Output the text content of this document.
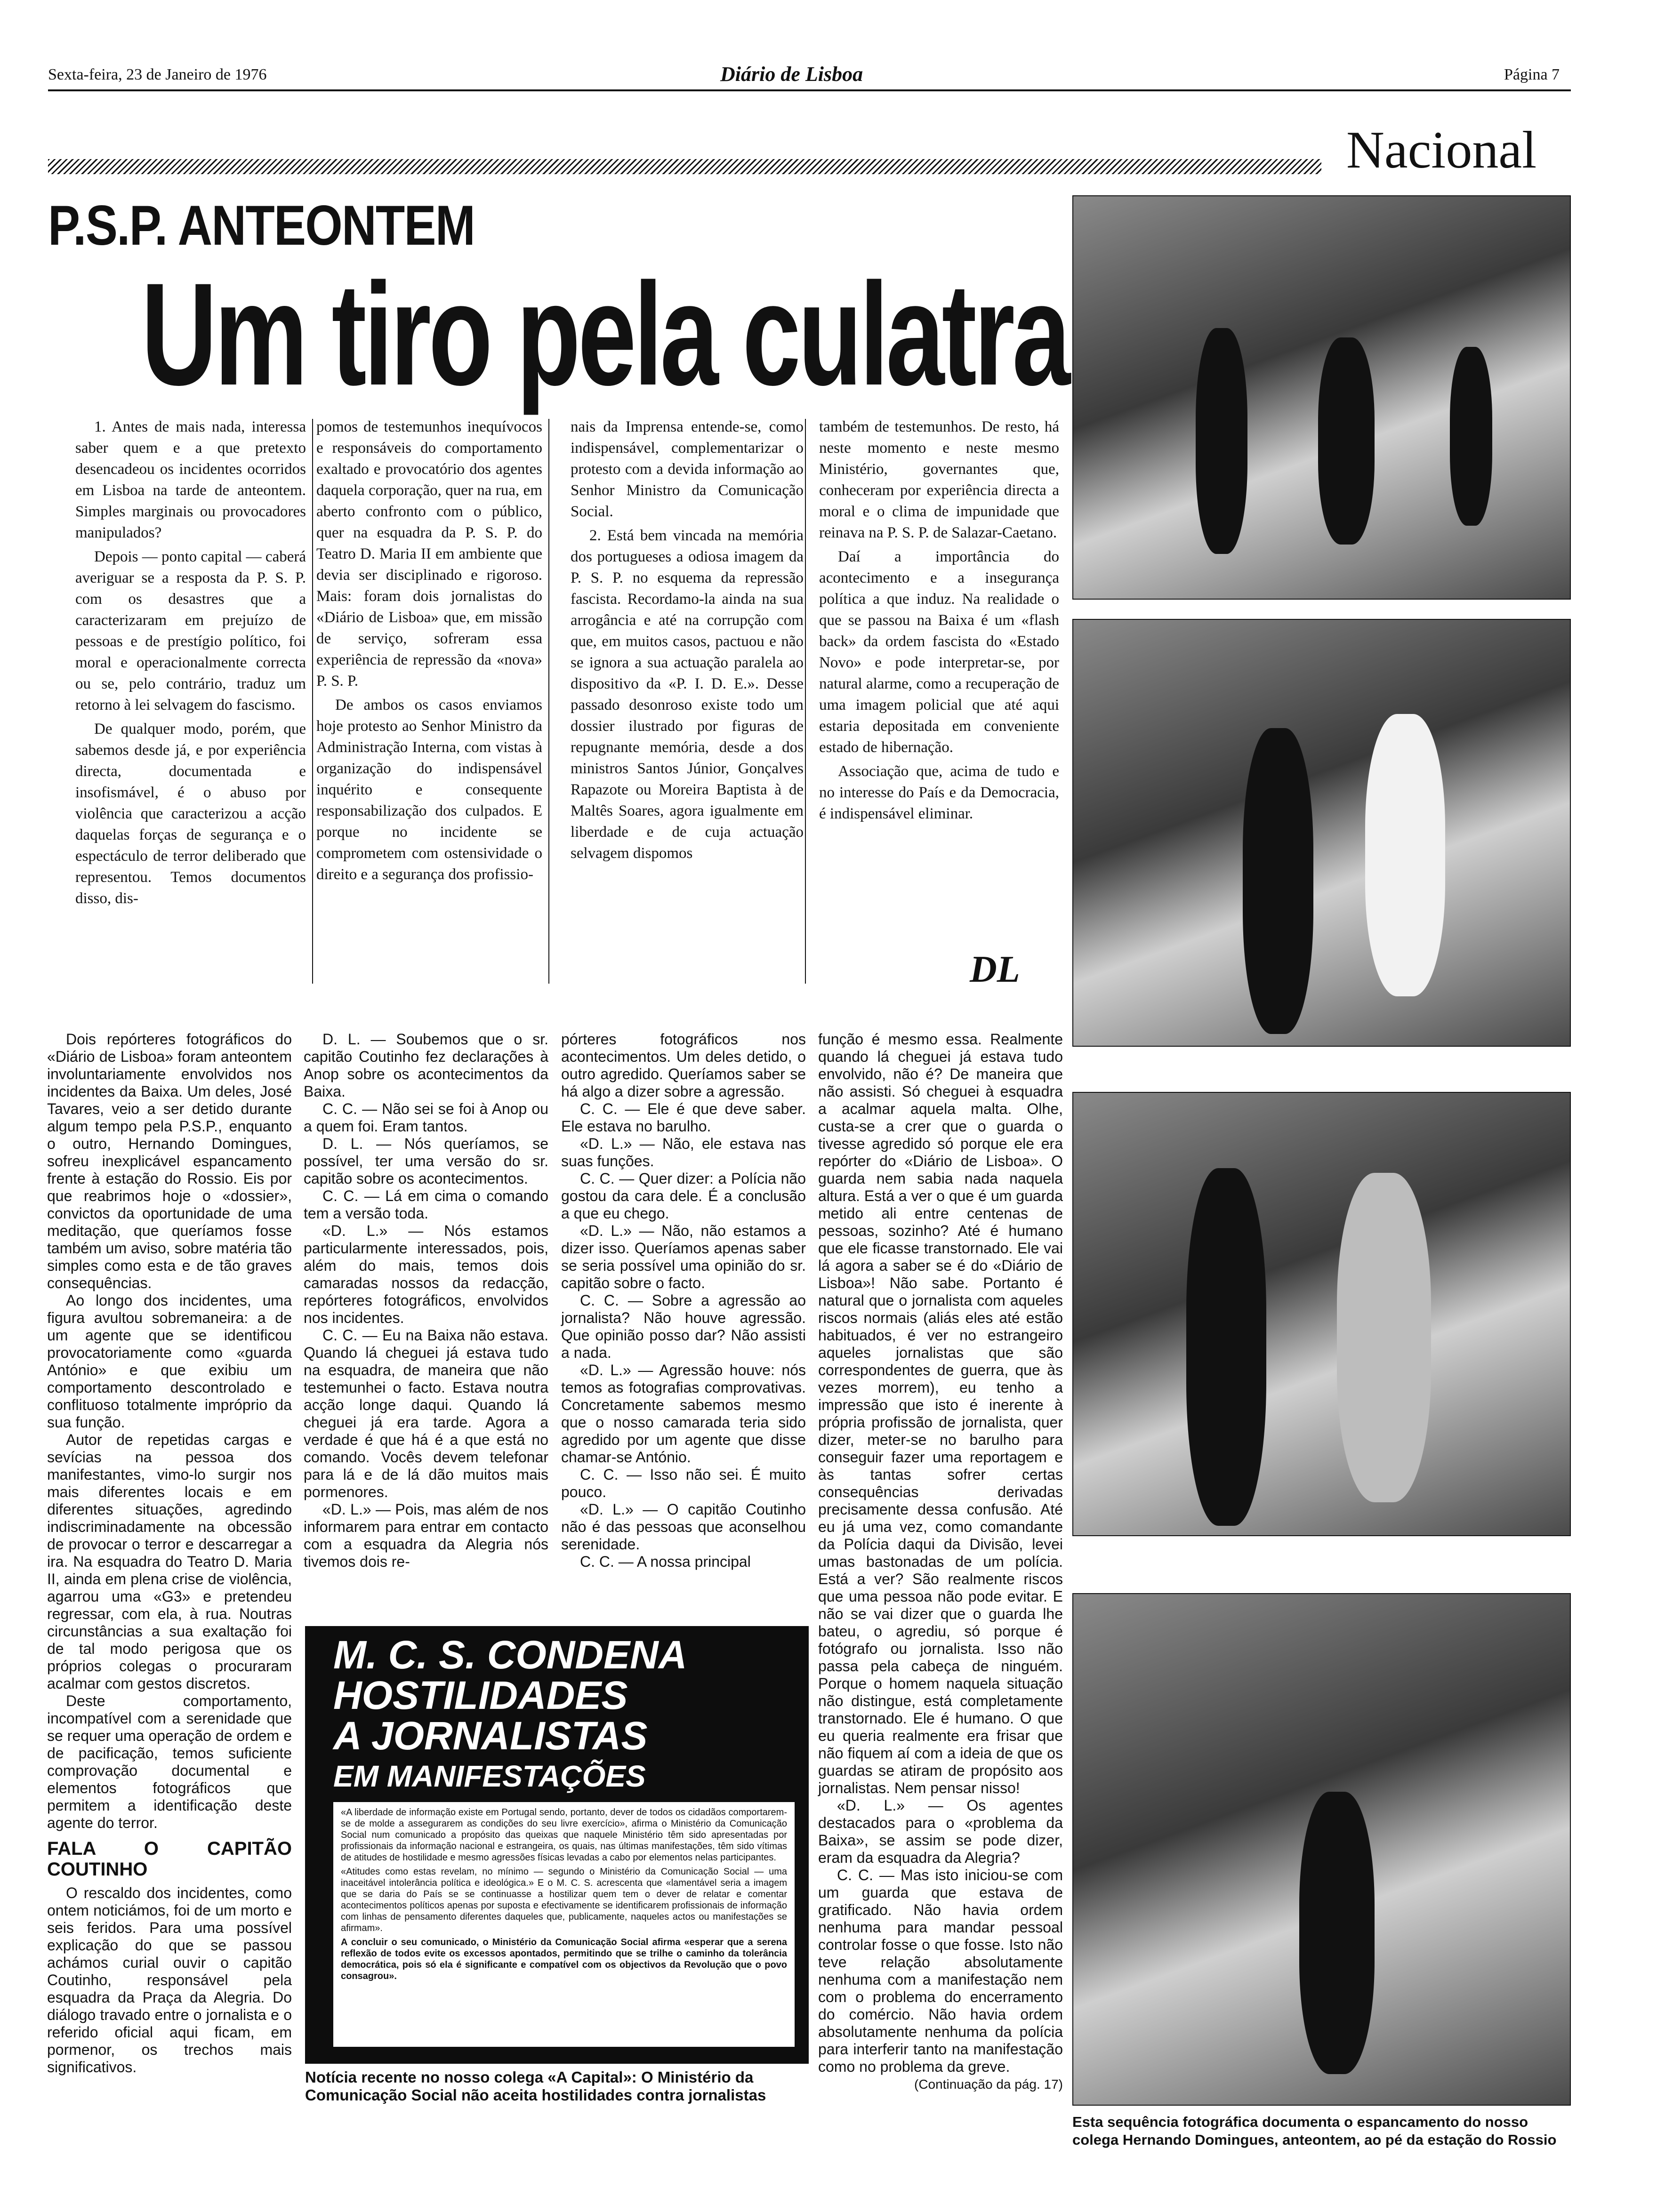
Sexta-feira, 23 de Janeiro de 1976	Diário de Lisboa	Página 7
Nacional
P.S.P. ANTEONTEM
Um tiro pela culatra

1. Antes de mais nada, interessa saber quem e a que pretexto desencadeou os incidentes ocorridos em Lisboa na tarde de anteontem. Simples marginais ou provocadores manipulados?

Depois — ponto capital — caberá averiguar se a resposta da P. S. P. com os desastres que a caracterizaram em prejuízo de pessoas e de prestígio político, foi moral e operacionalmente correcta ou se, pelo contrário, traduz um retorno à lei selvagem do fascismo.

De qualquer modo, porém, que sabemos desde já, e por experiência directa, documentada e insofismável, é o abuso por violência que caracterizou a acção daquelas forças de segurança e o espectáculo de terror deliberado que representou. Temos documentos disso, dis-

pomos de testemunhos inequívocos e responsáveis do comportamento exaltado e provocatório dos agentes daquela corporação, quer na rua, em aberto confronto com o público, quer na esquadra da P. S. P. do Teatro D. Maria II em ambiente que devia ser disciplinado e rigoroso. Mais: foram dois jornalistas do «Diário de Lisboa» que, em missão de serviço, sofreram essa experiência de repressão da «nova» P. S. P.

De ambos os casos enviamos hoje protesto ao Senhor Ministro da Administração Interna, com vistas à organização do indispensável inquérito e consequente responsabilização dos culpados. E porque no incidente se comprometem com ostensividade o direito e a segurança dos profissio-

nais da Imprensa entende-se, como indispensável, complementarizar o protesto com a devida informação ao Senhor Ministro da Comunicação Social.

2. Está bem vincada na memória dos portugueses a odiosa imagem da P. S. P. no esquema da repressão fascista. Recordamo-la ainda na sua arrogância e até na corrupção com que, em muitos casos, pactuou e não se ignora a sua actuação paralela ao dispositivo da «P. I. D. E.». Desse passado desonroso existe todo um dossier ilustrado por figuras de repugnante memória, desde a dos ministros Santos Júnior, Gonçalves Rapazote ou Moreira Baptista à de Maltês Soares, agora igualmente em liberdade e de cuja actuação selvagem dispomos

também de testemunhos. De resto, há neste momento e neste mesmo Ministério, governantes que, conheceram por experiência directa a moral e o clima de impunidade que reinava na P. S. P. de Salazar-Caetano.

Daí a importância do acontecimento e a insegurança política a que induz. Na realidade o que se passou na Baixa é um «flash back» da ordem fascista do «Estado Novo» e pode interpretar-se, por natural alarme, como a recuperação de uma imagem policial que até aqui estaria depositada em conveniente estado de hibernação.

Associação que, acima de tudo e no interesse do País e da Democracia, é indispensável eliminar.

DL

Dois repórteres fotográficos do «Diário de Lisboa» foram anteontem involuntariamente envolvidos nos incidentes da Baixa. Um deles, José Tavares, veio a ser detido durante algum tempo pela P.S.P., enquanto o outro, Hernando Domingues, sofreu inexplicável espancamento frente à estação do Rossio. Eis por que reabrimos hoje o «dossier», convictos da oportunidade de uma meditação, que queríamos fosse também um aviso, sobre matéria tão simples como esta e de tão graves consequências.

Ao longo dos incidentes, uma figura avultou sobremaneira: a de um agente que se identificou provocatoriamente como «guarda António» e que exibiu um comportamento descontrolado e conflituoso totalmente impróprio da sua função.

Autor de repetidas cargas e sevícias na pessoa dos manifestantes, vimo-lo surgir nos mais diferentes locais e em diferentes situações, agredindo indiscriminadamente na obcessão de provocar o terror e descarregar a ira. Na esquadra do Teatro D. Maria II, ainda em plena crise de violência, agarrou uma «G3» e pretendeu regressar, com ela, à rua. Noutras circunstâncias a sua exaltação foi de tal modo perigosa que os próprios colegas o procuraram acalmar com gestos discretos.

Deste comportamento, incompatível com a serenidade que se requer uma operação de ordem e de pacificação, temos suficiente comprovação documental e elementos fotográficos que permitem a identificação deste agente do terror.

FALA O CAPITÃO COUTINHO

O rescaldo dos incidentes, como ontem noticiámos, foi de um morto e seis feridos. Para uma possível explicação do que se passou achámos curial ouvir o capitão Coutinho, responsável pela esquadra da Praça da Alegria. Do diálogo travado entre o jornalista e o referido oficial aqui ficam, em pormenor, os trechos mais significativos.

D. L. — Soubemos que o sr. capitão Coutinho fez declarações à Anop sobre os acontecimentos da Baixa.

C. C. — Não sei se foi à Anop ou a quem foi. Eram tantos.

D. L. — Nós queríamos, se possível, ter uma versão do sr. capitão sobre os acontecimentos.

C. C. — Lá em cima o comando tem a versão toda.

«D. L.» — Nós estamos particularmente interessados, pois, além do mais, temos dois camaradas nossos da redacção, repórteres fotográficos, envolvidos nos incidentes.

C. C. — Eu na Baixa não estava. Quando lá cheguei já estava tudo na esquadra, de maneira que não testemunhei o facto. Estava noutra acção longe daqui. Quando lá cheguei já era tarde. Agora a verdade é que há é a que está no comando. Vocês devem telefonar para lá e de lá dão muitos mais pormenores.

«D. L.» — Pois, mas além de nos informarem para entrar em contacto com a esquadra da Alegria nós tivemos dois re-

pórteres fotográficos nos acontecimentos. Um deles detido, o outro agredido. Queríamos saber se há algo a dizer sobre a agressão.

C. C. — Ele é que deve saber. Ele estava no barulho.

«D. L.» — Não, ele estava nas suas funções.

C. C. — Quer dizer: a Polícia não gostou da cara dele. É a conclusão a que eu chego.

«D. L.» — Não, não estamos a dizer isso. Queríamos apenas saber se seria possível uma opinião do sr. capitão sobre o facto.

C. C. — Sobre a agressão ao jornalista? Não houve agressão. Que opinião posso dar? Não assisti a nada.

«D. L.» — Agressão houve: nós temos as fotografias comprovativas. Concretamente sabemos mesmo que o nosso camarada teria sido agredido por um agente que disse chamar-se António.

C. C. — Isso não sei. É muito pouco.

«D. L.» — O capitão Coutinho não é das pessoas que aconselhou serenidade.

C. C. — A nossa principal

função é mesmo essa. Realmente quando lá cheguei já estava tudo envolvido, não é? De maneira que não assisti. Só cheguei à esquadra a acalmar aquela malta. Olhe, custa-se a crer que o guarda o tivesse agredido só porque ele era repórter do «Diário de Lisboa». O guarda nem sabia nada naquela altura. Está a ver o que é um guarda metido ali entre centenas de pessoas, sozinho? Até é humano que ele ficasse transtornado. Ele vai lá agora a saber se é do «Diário de Lisboa»! Não sabe. Portanto é natural que o jornalista com aqueles riscos normais (aliás eles até estão habituados, é ver no estrangeiro aqueles jornalistas que são correspondentes de guerra, que às vezes morrem), eu tenho a impressão que isto é inerente à própria profissão de jornalista, quer dizer, meter-se no barulho para conseguir fazer uma reportagem e às tantas sofrer certas consequências derivadas precisamente dessa confusão. Até eu já uma vez, como comandante da Polícia daqui da Divisão, levei umas bastonadas de um polícia. Está a ver? São realmente riscos que uma pessoa não pode evitar. E não se vai dizer que o guarda lhe bateu, o agrediu, só porque é fotógrafo ou jornalista. Isso não passa pela cabeça de ninguém. Porque o homem naquela situação não distingue, está completamente transtornado. Ele é humano. O que eu queria realmente era frisar que não fiquem aí com a ideia de que os guardas se atiram de propósito aos jornalistas. Nem pensar nisso!

«D. L.» — Os agentes destacados para o «problema da Baixa», se assim se pode dizer, eram da esquadra da Alegria?

C. C. — Mas isto iniciou-se com um guarda que estava de gratificado. Não havia ordem nenhuma para mandar pessoal controlar fosse o que fosse. Isto não teve relação absolutamente nenhuma com a manifestação nem com o problema do encerramento do comércio. Não havia ordem absolutamente nenhuma da polícia para interferir tanto na manifestação como no problema da greve.

(Continuação da pág. 17)
M. C. S. CONDENA
HOSTILIDADES
A JORNALISTAS
EM MANIFESTAÇÕES

«A liberdade de informação existe em Portugal sendo, portanto, dever de todos os cidadãos comportarem-se de molde a assegurarem as condições do seu livre exercício», afirma o Ministério da Comunicação Social num comunicado a propósito das queixas que naquele Ministério têm sido apresentadas por profissionais da informação nacional e estrangeira, os quais, nas últimas manifestações, têm sido vítimas de atitudes de hostilidade e mesmo agressões físicas levadas a cabo por elementos nelas participantes.

«Atitudes como estas revelam, no mínimo — segundo o Ministério da Comunicação Social — uma inaceitável intolerância política e ideológica.» E o M. C. S. acrescenta que «lamentável seria a imagem que se daria do País se se continuasse a hostilizar quem tem o dever de relatar e comentar acontecimentos políticos apenas por suposta e efectivamente se identificarem profissionais de informação com linhas de pensamento diferentes daqueles que, publicamente, naqueles actos ou manifestações se afirmam».

A concluir o seu comunicado, o Ministério da Comunicação Social afirma «esperar que a serena reflexão de todos evite os excessos apontados, permitindo que se trilhe o caminho da tolerância democrática, pois só ela é significante e compatível com os objectivos da Revolução que o povo consagrou».

Notícia recente no nosso colega «A Capital»: O Ministério da Comunicação Social não aceita hostilidades contra jornalistas
Esta sequência fotográfica documenta o espancamento do nosso colega Hernando Domingues, anteontem, ao pé da estação do Rossio
